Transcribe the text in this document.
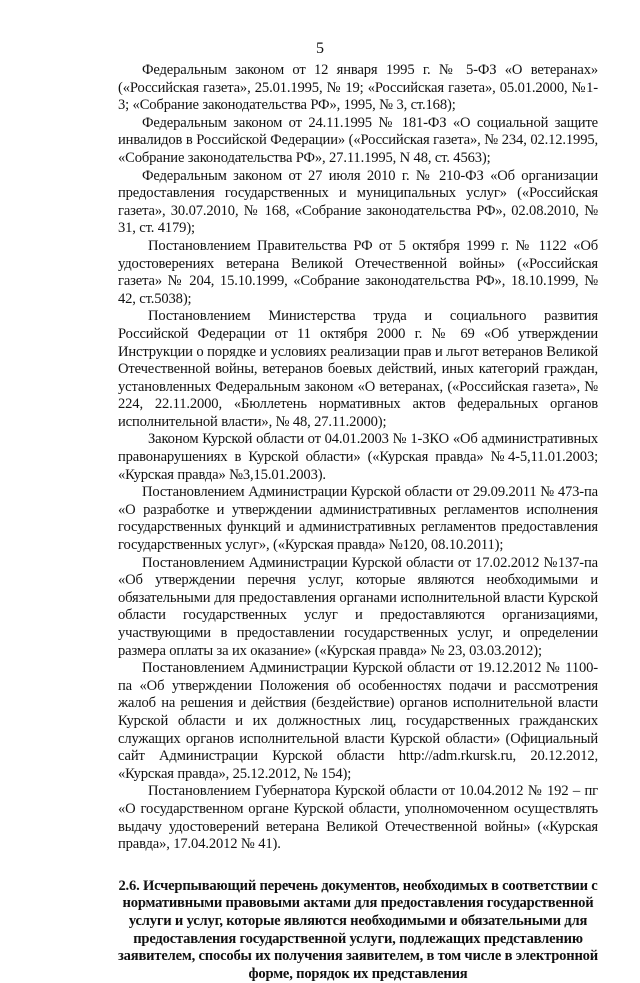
5

Федеральным законом от 12 января 1995 г. № 5-ФЗ «О ветеранах» («Российская газета», 25.01.1995, № 19; «Российская газета», 05.01.2000, №1-3; «Собрание законодательства РФ», 1995, № 3, ст.168);

Федеральным законом от 24.11.1995 № 181-ФЗ «О социальной защите инвалидов в Российской Федерации» («Российская газета», № 234, 02.12.1995, «Собрание законодательства РФ», 27.11.1995, N 48, ст. 4563);

Федеральным законом от 27 июля 2010 г. № 210-ФЗ «Об организации предоставления государственных и муниципальных услуг» («Российская газета», 30.07.2010, № 168, «Собрание законодательства РФ», 02.08.2010, № 31, ст. 4179);

Постановлением Правительства РФ от 5 октября 1999 г. № 1122 «Об удостоверениях ветерана Великой Отечественной войны» («Российская газета» № 204, 15.10.1999, «Собрание законодательства РФ», 18.10.1999, № 42, ст.5038);

Постановлением Министерства труда и социального развития Российской Федерации от 11 октября 2000 г. № 69 «Об утверждении Инструкции о порядке и условиях реализации прав и льгот ветеранов Великой Отечественной войны, ветеранов боевых действий, иных категорий граждан, установленных Федеральным законом «О ветеранах, («Российская газета», № 224, 22.11.2000, «Бюллетень нормативных актов федеральных органов исполнительной власти», № 48, 27.11.2000);

Законом Курской области от 04.01.2003 № 1-ЗКО «Об административных правонарушениях в Курской области» («Курская правда» №4-5,11.01.2003; «Курская правда» №3,15.01.2003).

Постановлением Администрации Курской области от 29.09.2011 № 473-па «О разработке и утверждении административных регламентов исполнения государственных функций и административных регламентов предоставления государственных услуг», («Курская правда» №120, 08.10.2011);

Постановлением Администрации Курской области от 17.02.2012 №137-па «Об утверждении перечня услуг, которые являются необходимыми и обязательными для предоставления органами исполнительной власти Курской области государственных услуг и предоставляются организациями, участвующими в предоставлении государственных услуг, и определении размера оплаты за их оказание» («Курская правда» № 23, 03.03.2012);

Постановлением Администрации Курской области от 19.12.2012 № 1100-па «Об утверждении Положения об особенностях подачи и рассмотрения жалоб на решения и действия (бездействие) органов исполнительной власти Курской области и их должностных лиц, государственных гражданских служащих органов исполнительной власти Курской области» (Официальный сайт Администрации Курской области http://adm.rkursk.ru, 20.12.2012, «Курская правда», 25.12.2012, № 154);

Постановлением Губернатора Курской области от 10.04.2012 № 192 – пг «О государственном органе Курской области, уполномоченном осуществлять выдачу удостоверений ветерана Великой Отечественной войны» («Курская правда», 17.04.2012 № 41).

2.6. Исчерпывающий перечень документов, необходимых в соответствии с нормативными правовыми актами для предоставления государственной услуги и услуг, которые являются необходимыми и обязательными для предоставления государственной услуги, подлежащих представлению заявителем, способы их получения заявителем, в том числе в электронной форме, порядок их представления
